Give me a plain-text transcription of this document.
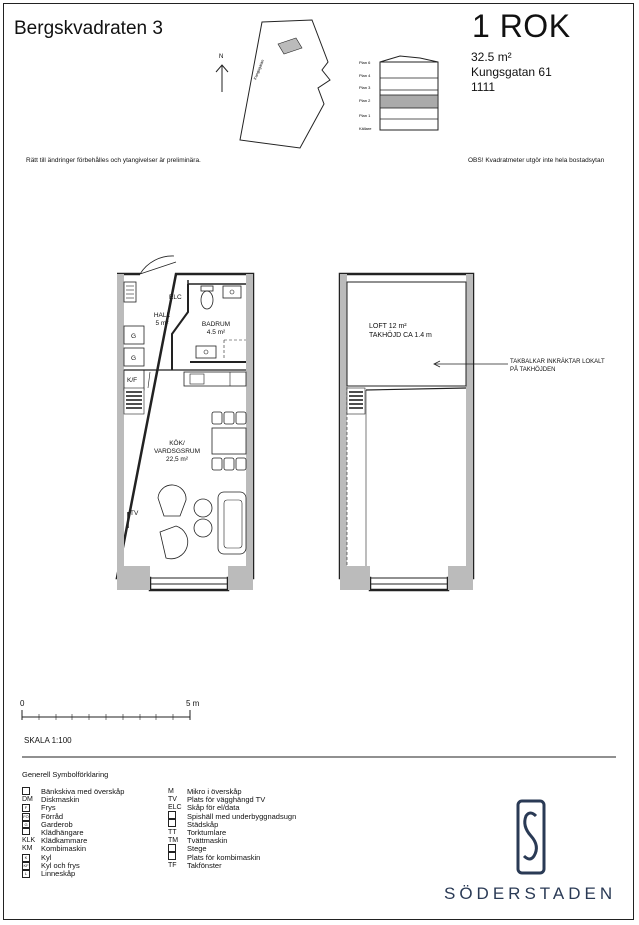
Bergskvadraten 3	1 ROK
32.5 m²
Kungsgatan 61
1111
Rätt till ändringer förbehålles och ytangivelser är preliminära.	OBS! Kvadratmeter utgör inte hela bostadsytan
N
Kungsgatan	Plan 6
Plan 4
Plan 3
Plan 2
Plan 1
Källare
HALL
5 m²	BADRUM
4.5 m²

KÖK/
VARDSGSRUM
22,5 m²

ELC
G
G
K/F
TV
LOFT 12 m²
TAKHÖJD CA 1.4 m
TAKBALKAR INKRÄKTAR LOKALT
PÅ TAKHÖJDEN
0	5 m
SKALA 1:100
Generell Symbolförklaring
Bänkskiva med överskåp
DM	Diskmaskin
F	Frys
FÖ	Förråd
G	Garderob
Klädhängare
KLK Klädkammare
KM	Kombimaskin
K	Kyl
KF	Kyl och frys
L	Linneskåp
M	Mikro i överskåp
TV	Plats för vägghängd TV
ELC Skåp för el/data
Spishäll med underbyggnadsugn
Städskåp
TT	Torktumlare
TM	Tvättmaskin
Stege
Plats för kombimaskin
TF	Takfönster
SÖDERSTADEN
